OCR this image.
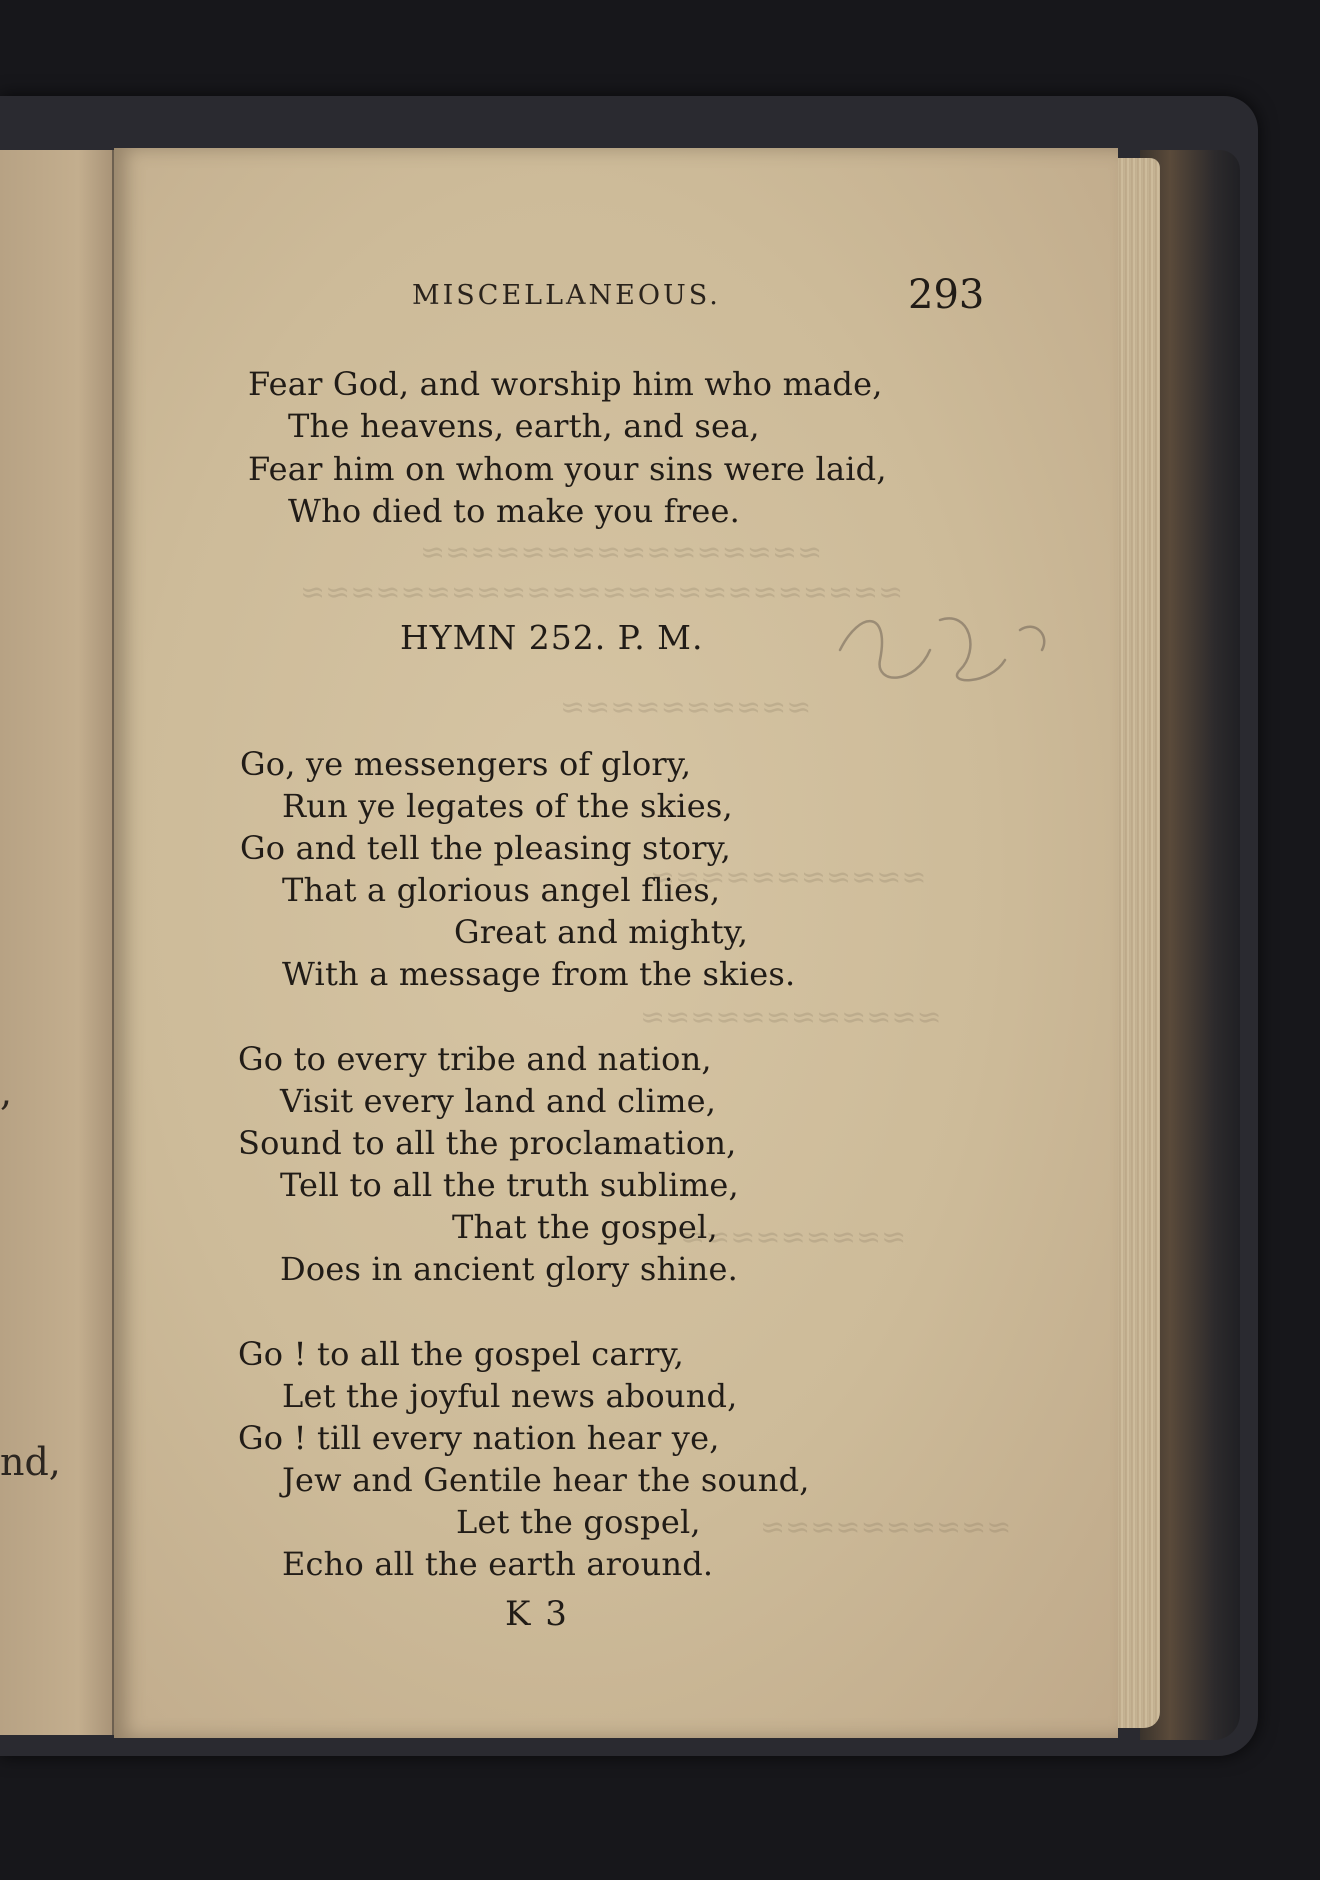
,
nd,
≈≈≈≈≈≈≈≈≈≈≈≈≈≈≈≈
≈≈≈≈≈≈≈≈≈≈≈≈≈≈≈≈≈≈≈≈≈≈≈≈
≈≈≈≈≈≈≈≈≈≈
≈≈≈≈≈≈≈≈≈≈≈
≈≈≈≈≈≈≈≈≈≈≈≈
≈≈≈≈≈≈≈≈≈
≈≈≈≈≈≈≈≈≈≈
MISCELLANEOUS.	293
Fear God, and worship him who made,
The heavens, earth, and sea,
Fear him on whom your sins were laid,
Who died to make you free.
HYMN 252. P. M.
Go, ye messengers of glory,
Run ye legates of the skies,
Go and tell the pleasing story,
That a glorious angel flies,
Great and mighty,
With a message from the skies.
Go to every tribe and nation,
Visit every land and clime,
Sound to all the proclamation,
Tell to all the truth sublime,
That the gospel,
Does in ancient glory shine.
Go ! to all the gospel carry,
Let the joyful news abound,
Go ! till every nation hear ye,
Jew and Gentile hear the sound,
Let the gospel,
Echo all the earth around.
K 3
